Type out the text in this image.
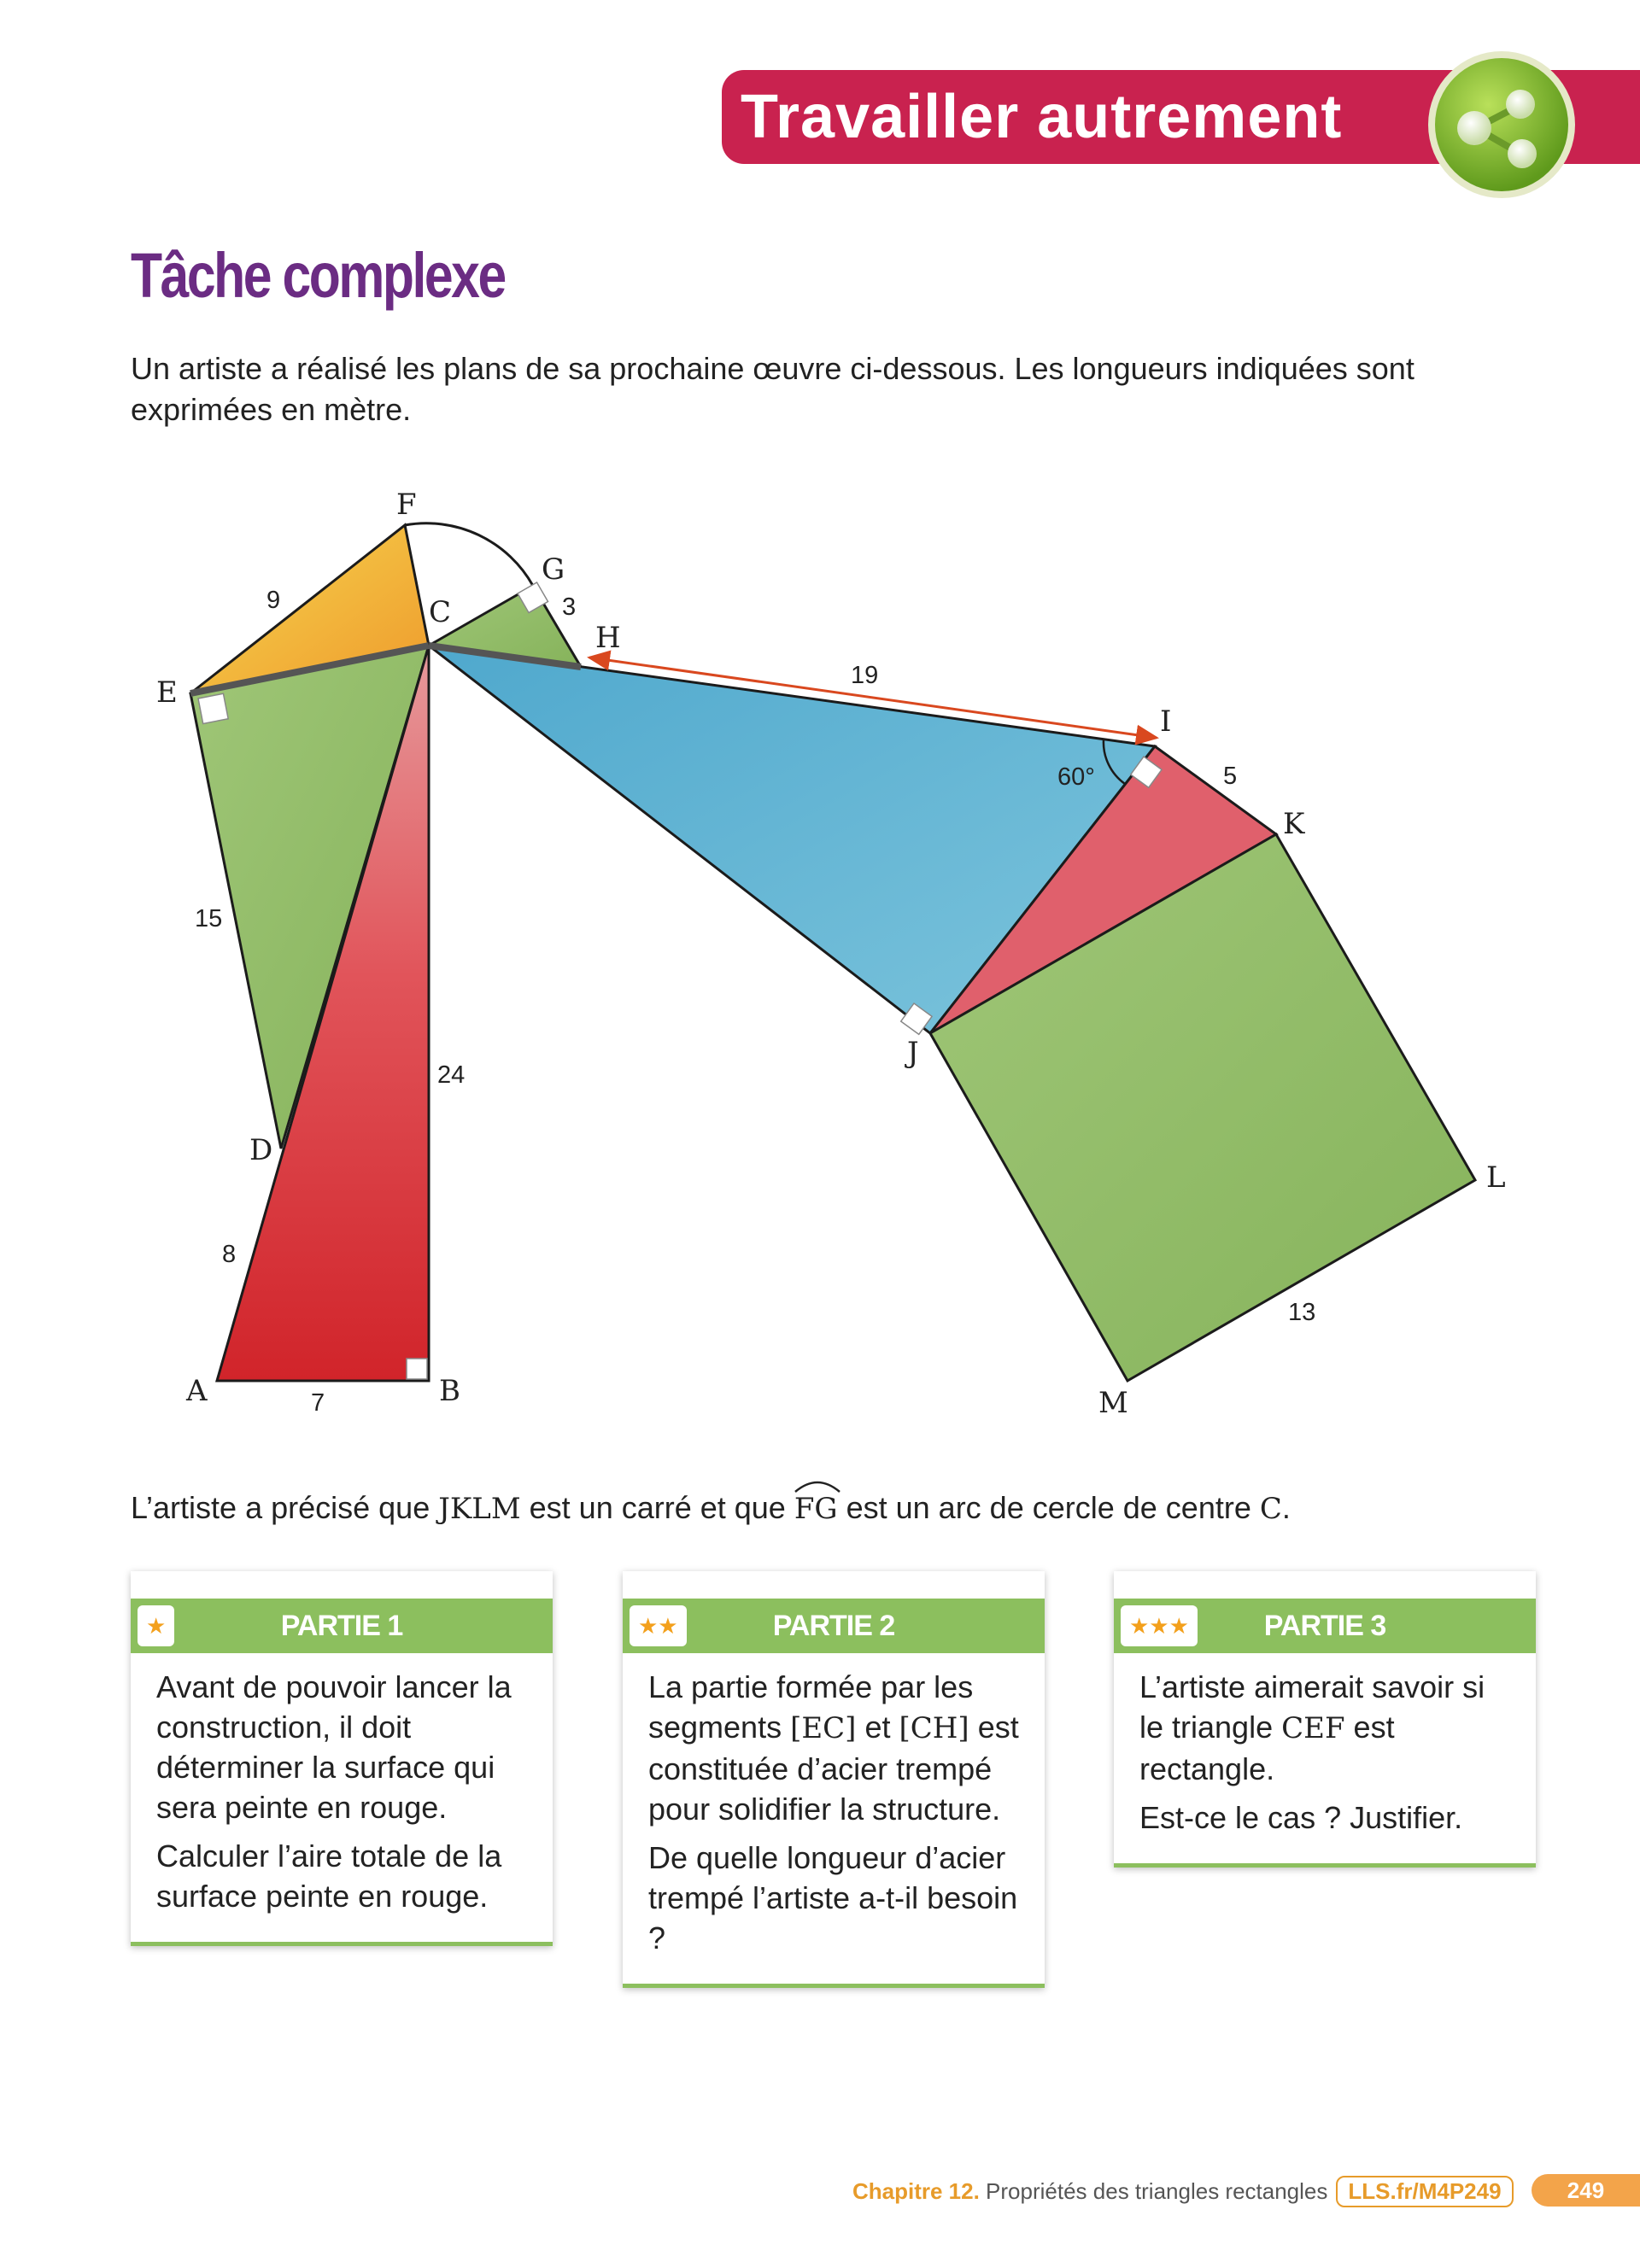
Travailler autrement
Tâche complexe
Un artiste a réalisé les plans de sa prochaine œuvre ci-dessous. Les longueurs indiquées sont exprimées en mètre.
F
G
C
H
E
I
K
J
D
L
A	B	M
9	3
19
60°	5
15
24
8
7
13
L’artiste a précisé que JKLM est un carré et que
FG est un arc de cercle de centre C.
★	PARTIE 1

Avant de pouvoir lancer la construction, il doit déterminer la surface qui sera peinte en rouge.

Calculer l’aire totale de la surface peinte en rouge.

★★	PARTIE 2

La partie formée par les segments [EC] et [CH] est constituée d’acier trempé pour solidifier la structure.

De quelle longueur d’acier trempé l’artiste a-t-il besoin ?

★★★	PARTIE 3

L’artiste aimerait savoir si le triangle CEF est rectangle.

Est-ce le cas ? Justifier.

Chapitre 12. Propriétés des triangles rectangles LLS.fr/M4P249	249
